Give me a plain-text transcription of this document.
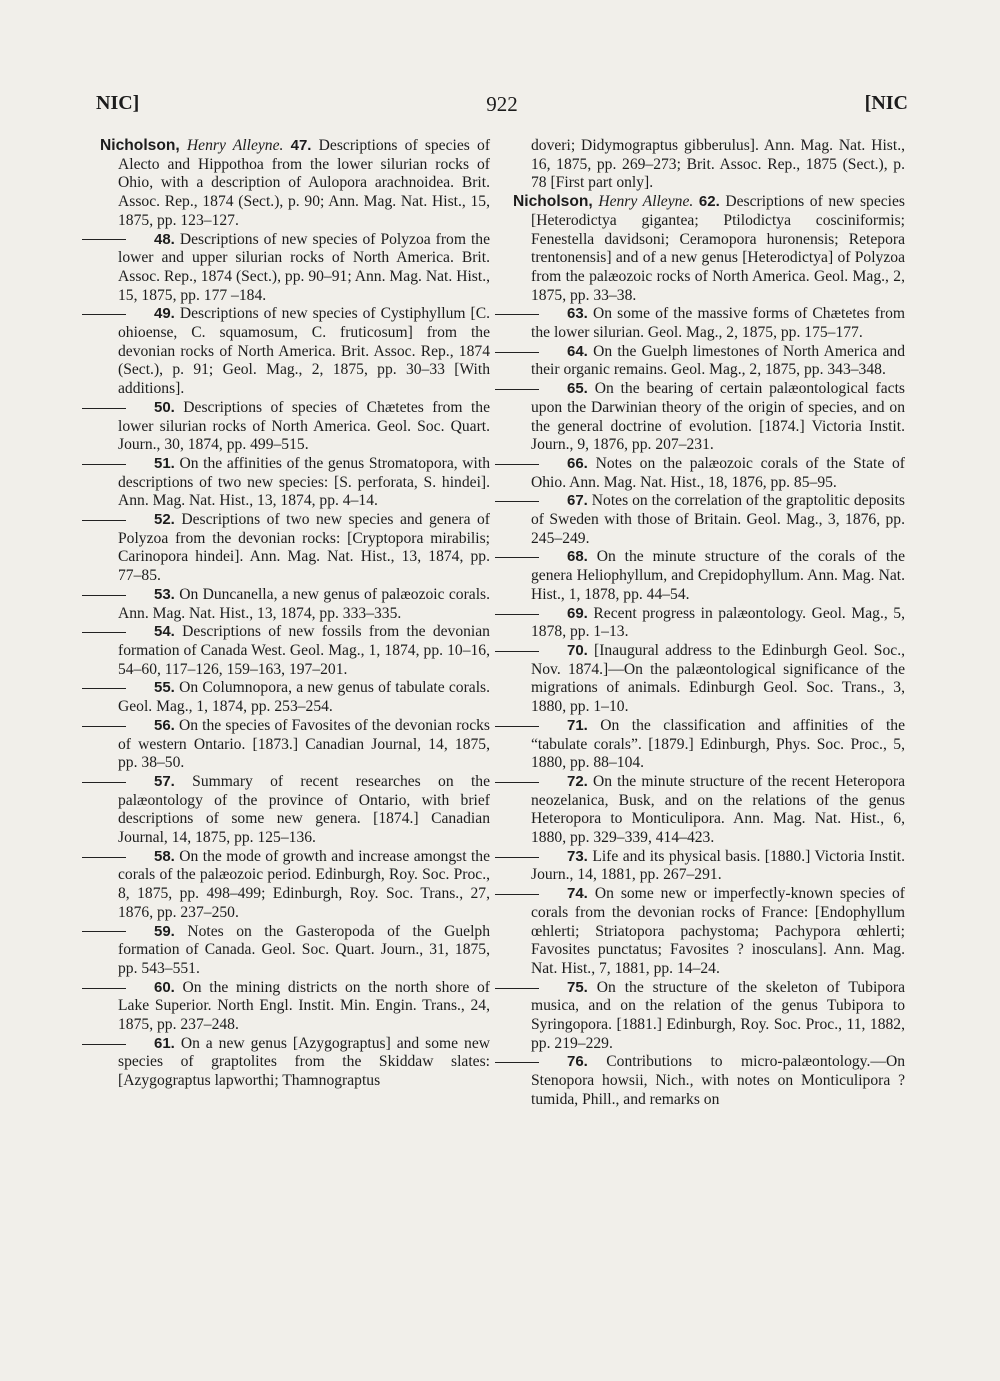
NIC]	922	[NIC

Nicholson, Henry Alleyne. 47. Descriptions of species of Alecto and Hippothoa from the lower silurian rocks of Ohio, with a description of Aulopora arachnoidea. Brit. Assoc. Rep., 1874 (Sect.), p. 90; Ann. Mag. Nat. Hist., 15, 1875, pp. 123–127.

48. Descriptions of new species of Polyzoa from the lower and upper silurian rocks of North America. Brit. Assoc. Rep., 1874 (Sect.), pp. 90–91; Ann. Mag. Nat. Hist., 15, 1875, pp. 177 –184.

49. Descriptions of new species of Cystiphyllum [C. ohioense, C. squamosum, C. fruticosum] from the devonian rocks of North America. Brit. Assoc. Rep., 1874 (Sect.), p. 91; Geol. Mag., 2, 1875, pp. 30–33 [With additions].

50. Descriptions of species of Chætetes from the lower silurian rocks of North America. Geol. Soc. Quart. Journ., 30, 1874, pp. 499–515.

51. On the affinities of the genus Stromatopora, with descriptions of two new species: [S. perforata, S. hindei]. Ann. Mag. Nat. Hist., 13, 1874, pp. 4–14.

52. Descriptions of two new species and genera of Polyzoa from the devonian rocks: [Cryptopora mirabilis; Carinopora hindei]. Ann. Mag. Nat. Hist., 13, 1874, pp. 77–85.

53. On Duncanella, a new genus of palæozoic corals. Ann. Mag. Nat. Hist., 13, 1874, pp. 333–335.

54. Descriptions of new fossils from the devonian formation of Canada West. Geol. Mag., 1, 1874, pp. 10–16, 54–60, 117–126, 159–163, 197–201.

55. On Columnopora, a new genus of tabulate corals. Geol. Mag., 1, 1874, pp. 253–254.

56. On the species of Favosites of the devonian rocks of western Ontario. [1873.] Canadian Journal, 14, 1875, pp. 38–50.

57. Summary of recent researches on the palæontology of the province of Ontario, with brief descriptions of some new genera. [1874.] Canadian Journal, 14, 1875, pp. 125–136.

58. On the mode of growth and increase amongst the corals of the palæozoic period. Edinburgh, Roy. Soc. Proc., 8, 1875, pp. 498–499; Edinburgh, Roy. Soc. Trans., 27, 1876, pp. 237–250.

59. Notes on the Gasteropoda of the Guelph formation of Canada. Geol. Soc. Quart. Journ., 31, 1875, pp. 543–551.

60. On the mining districts on the north shore of Lake Superior. North Engl. Instit. Min. Engin. Trans., 24, 1875, pp. 237–248.

61. On a new genus [Azygograptus] and some new species of graptolites from the Skiddaw slates: [Azygograptus lapworthi; Thamnograptus

doveri; Didymograptus gibberulus]. Ann. Mag. Nat. Hist., 16, 1875, pp. 269–273; Brit. Assoc. Rep., 1875 (Sect.), p. 78 [First part only].

Nicholson, Henry Alleyne. 62. Descriptions of new species [Heterodictya gigantea; Ptilodictya cosciniformis; Fenestella davidsoni; Ceramopora huronensis; Retepora trentonensis] and of a new genus [Heterodictya] of Polyzoa from the palæozoic rocks of North America. Geol. Mag., 2, 1875, pp. 33–38.

63. On some of the massive forms of Chætetes from the lower silurian. Geol. Mag., 2, 1875, pp. 175–177.

64. On the Guelph limestones of North America and their organic remains. Geol. Mag., 2, 1875, pp. 343–348.

65. On the bearing of certain palæontological facts upon the Darwinian theory of the origin of species, and on the general doctrine of evolution. [1874.] Victoria Instit. Journ., 9, 1876, pp. 207–231.

66. Notes on the palæozoic corals of the State of Ohio. Ann. Mag. Nat. Hist., 18, 1876, pp. 85–95.

67. Notes on the correlation of the graptolitic deposits of Sweden with those of Britain. Geol. Mag., 3, 1876, pp. 245–249.

68. On the minute structure of the corals of the genera Heliophyllum, and Crepidophyllum. Ann. Mag. Nat. Hist., 1, 1878, pp. 44–54.

69. Recent progress in palæontology. Geol. Mag., 5, 1878, pp. 1–13.

70. [Inaugural address to the Edinburgh Geol. Soc., Nov. 1874.]—On the palæontological significance of the migrations of animals. Edinburgh Geol. Soc. Trans., 3, 1880, pp. 1–10.

71. On the classification and affinities of the “tabulate corals”. [1879.] Edinburgh, Phys. Soc. Proc., 5, 1880, pp. 88–104.

72. On the minute structure of the recent Heteropora neozelanica, Busk, and on the relations of the genus Heteropora to Monticulipora. Ann. Mag. Nat. Hist., 6, 1880, pp. 329–339, 414–423.

73. Life and its physical basis. [1880.] Victoria Instit. Journ., 14, 1881, pp. 267–291.

74. On some new or imperfectly-known species of corals from the devonian rocks of France: [Endophyllum œhlerti; Striatopora pachystoma; Pachypora œhlerti; Favosites punctatus; Favosites ? inosculans]. Ann. Mag. Nat. Hist., 7, 1881, pp. 14–24.

75. On the structure of the skeleton of Tubipora musica, and on the relation of the genus Tubipora to Syringopora. [1881.] Edinburgh, Roy. Soc. Proc., 11, 1882, pp. 219–229.

76. Contributions to micro-palæontology.—On Stenopora howsii, Nich., with notes on Monticulipora ? tumida, Phill., and remarks on
